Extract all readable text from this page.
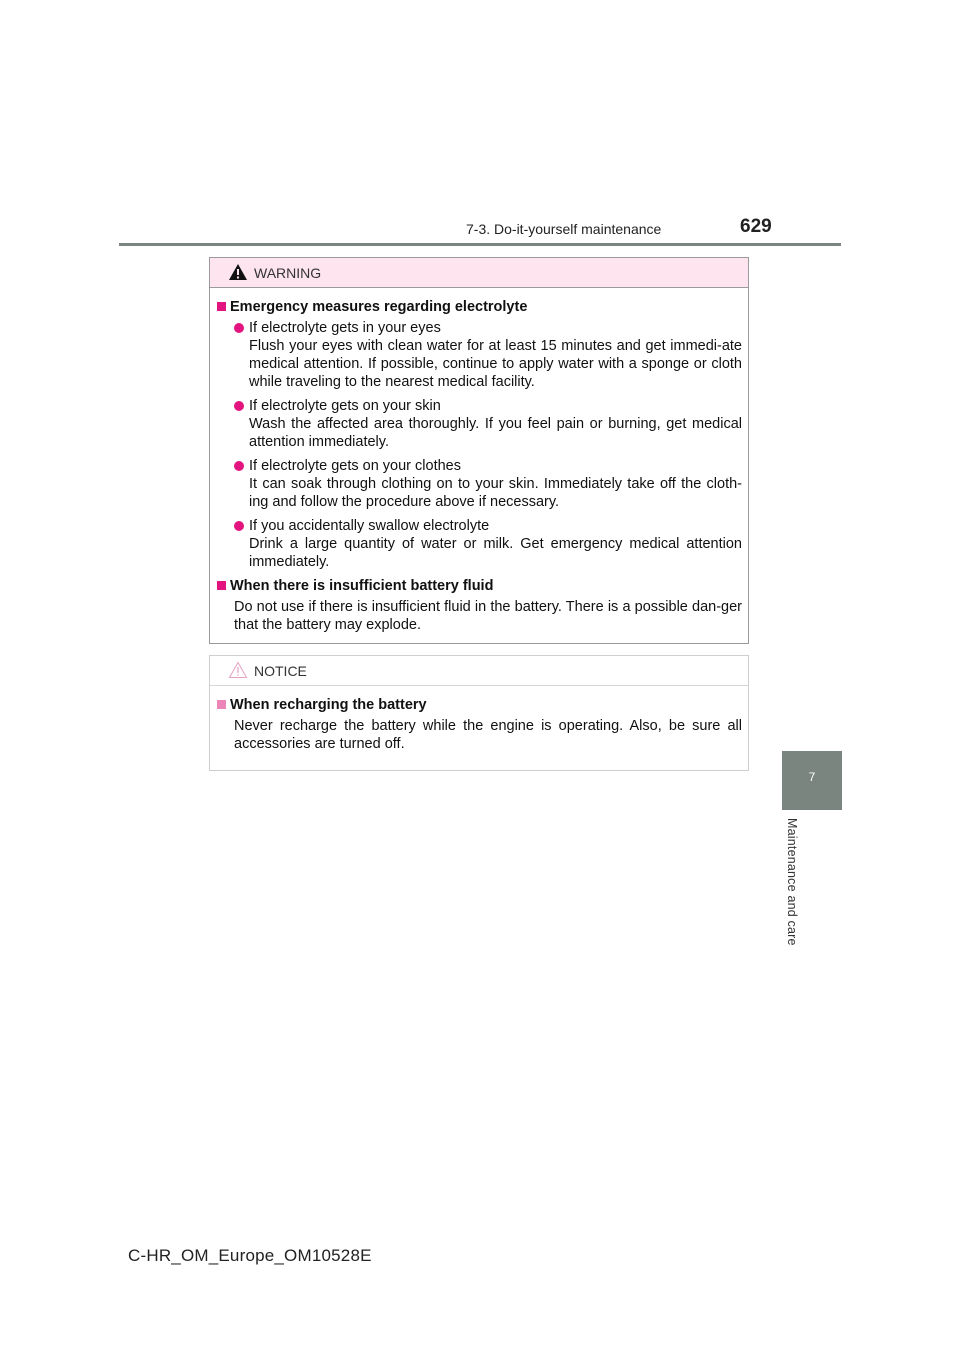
7-3. Do-it-yourself maintenance	629
7
Maintenance and care
WARNING
Emergency measures regarding electrolyte
If electrolyte gets in your eyes
Flush your eyes with clean water for at least 15 minutes and get immedi-ate medical attention. If possible, continue to apply water with a sponge or cloth while traveling to the nearest medical facility.
If electrolyte gets on your skin
Wash the affected area thoroughly. If you feel pain or burning, get medical attention immediately.
If electrolyte gets on your clothes
It can soak through clothing on to your skin. Immediately take off the cloth-ing and follow the procedure above if necessary.
If you accidentally swallow electrolyte
Drink a large quantity of water or milk. Get emergency medical attention immediately.
When there is insufficient battery fluid
Do not use if there is insufficient fluid in the battery. There is a possible dan-ger that the battery may explode.
NOTICE
When recharging the battery
Never recharge the battery while the engine is operating. Also, be sure all accessories are turned off.
C-HR_OM_Europe_OM10528E
